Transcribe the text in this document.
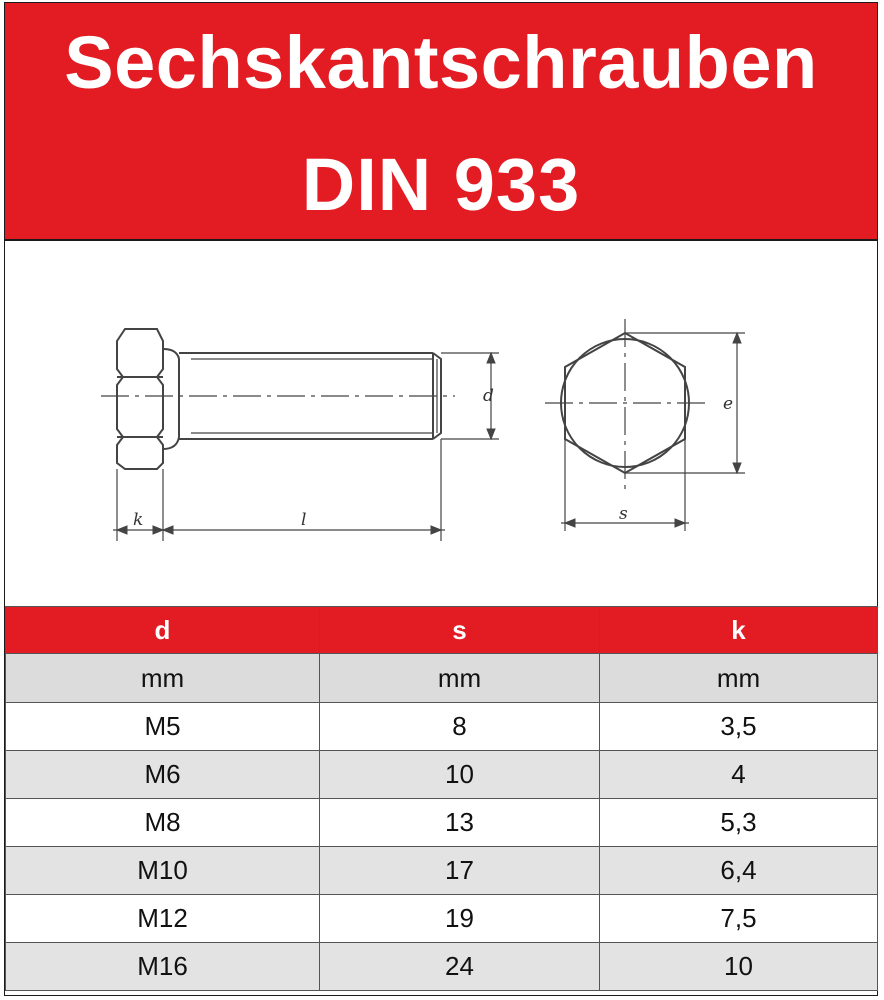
Sechskantschrauben
DIN 933
d	e
s
k	l
d	s	k
mm	mm	mm
M5	8	3,5
M6	10	4
M8	13	5,3
M10	17	6,4
M12	19	7,5
M16	24	10
